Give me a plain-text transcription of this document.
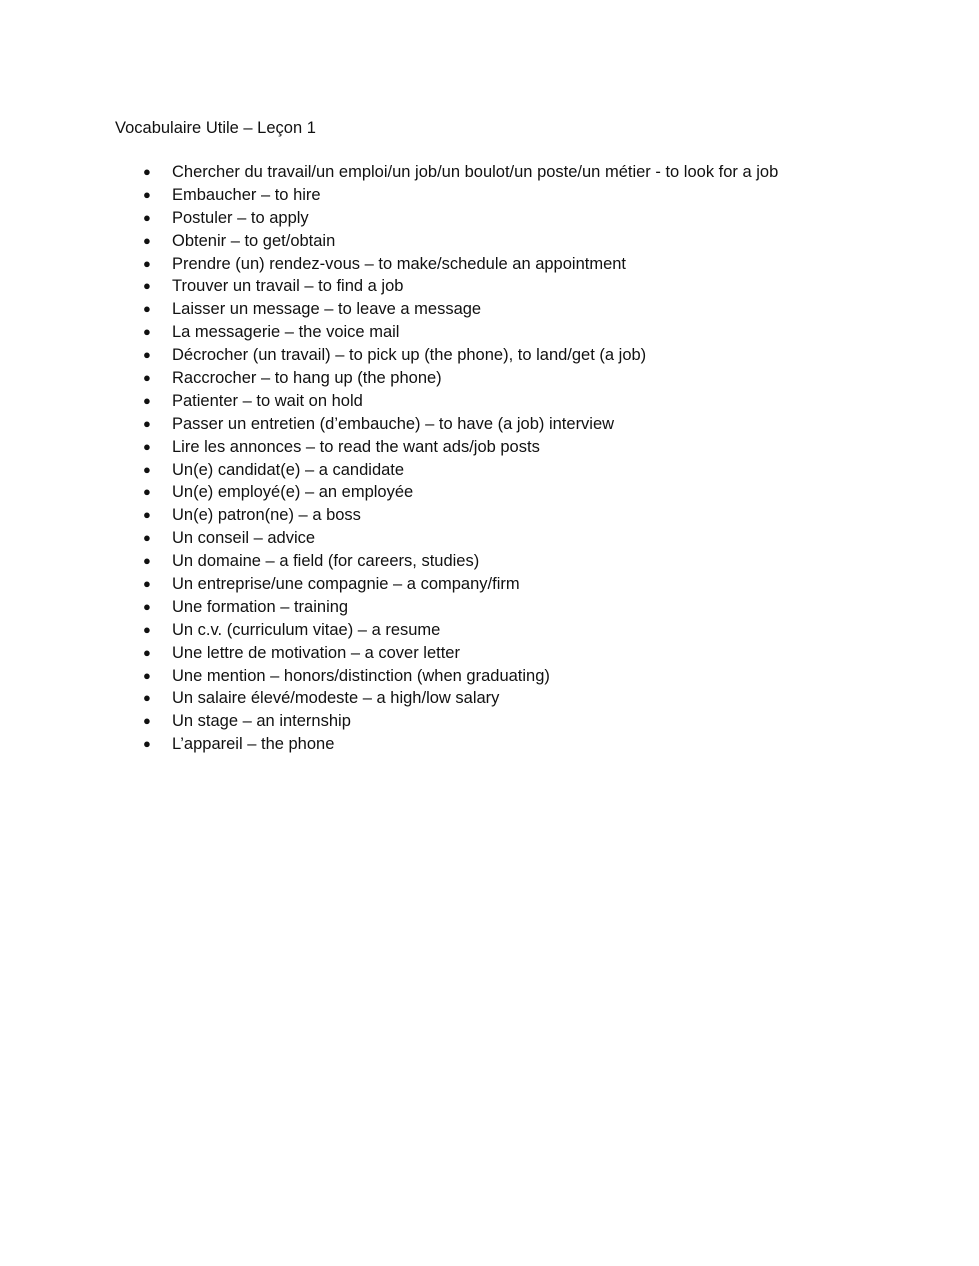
Vocabulaire Utile – Leçon 1
● Chercher du travail/un emploi/un job/un boulot/un poste/un métier - to look for a job
● Embaucher – to hire
● Postuler – to apply
● Obtenir – to get/obtain
● Prendre (un) rendez-vous – to make/schedule an appointment
● Trouver un travail – to find a job
● Laisser un message – to leave a message
● La messagerie – the voice mail
● Décrocher (un travail) – to pick up (the phone), to land/get (a job)
● Raccrocher – to hang up (the phone)
● Patienter – to wait on hold
● Passer un entretien (d’embauche) – to have (a job) interview
● Lire les annonces – to read the want ads/job posts
● Un(e) candidat(e) – a candidate
● Un(e) employé(e) – an employée
● Un(e) patron(ne) – a boss
● Un conseil – advice
● Un domaine – a field (for careers, studies)
● Un entreprise/une compagnie – a company/firm
● Une formation – training
● Un c.v. (curriculum vitae) – a resume
● Une lettre de motivation – a cover letter
● Une mention – honors/distinction (when graduating)
● Un salaire élevé/modeste – a high/low salary
● Un stage – an internship
● L’appareil – the phone
